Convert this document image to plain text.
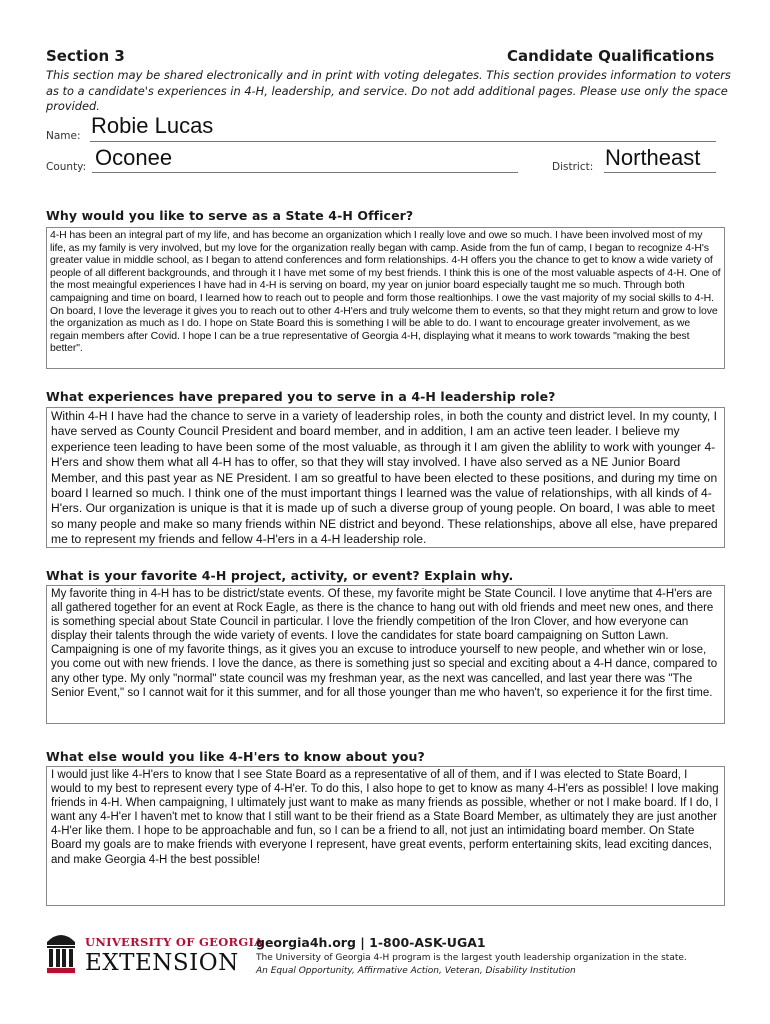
Section 3	Candidate Qualifications
This section may be shared electronically and in print with voting delegates. This section provides information to voters as to a candidate's experiences in 4-H, leadership, and service. Do not add additional pages. Please use only the space provided.
Name: Robie Lucas
County: Oconee	District: Northeast
Why would you like to serve as a State 4-H Officer?
4-H has been an integral part of my life, and has become an organization which I really love and owe so much. I have been involved most of my life, as my family is very involved, but my love for the organization really began with camp. Aside from the fun of camp, I began to recognize 4-H's greater value in middle school, as I began to attend conferences and form relationships. 4-H offers you the chance to get to know a wide variety of people of all different backgrounds, and through it I have met some of my best friends. I think this is one of the most valuable aspects of 4-H. One of the most meaingful experiences I have had in 4-H is serving on board, my year on junior board especially taught me so much. Through both campaigning and time on board, I learned how to reach out to people and form those realtionhips. I owe the vast majority of my social skills to 4-H. On board, I love the leverage it gives you to reach out to other 4-H'ers and truly welcome them to events, so that they might return and grow to love the organization as much as I do. I hope on State Board this is something I will be able to do. I want to encourage greater involvement, as we regain members after Covid. I hope I can be a true representative of Georgia 4-H, displaying what it means to work towards "making the best better".
What experiences have prepared you to serve in a 4-H leadership role?
Within 4-H I have had the chance to serve in a variety of leadership roles, in both the county and district level. In my county, I have served as County Council President and board member, and in addition, I am an active teen leader. I believe my experience teen leading to have been some of the most valuable, as through it I am given the ablility to work with younger 4-H'ers and show them what all 4-H has to offer, so that they will stay involved. I have also served as a NE Junior Board Member, and this past year as NE President. I am so greatful to have been elected to these positions, and during my time on board I learned so much. I think one of the must important things I learned was the value of relationships, with all kinds of 4-H'ers. Our organization is unique is that it is made up of such a diverse group of young people. On board, I was able to meet so many people and make so many friends within NE district and beyond. These relationships, above all else, have prepared me to represent my friends and fellow 4-H'ers in a 4-H leadership role.
What is your favorite 4-H project, activity, or event? Explain why.
My favorite thing in 4-H has to be district/state events. Of these, my favorite might be State Council. I love anytime that 4-H'ers are all gathered together for an event at Rock Eagle, as there is the chance to hang out with old friends and meet new ones, and there is something special about State Council in particular. I love the friendly competition of the Iron Clover, and how everyone can display their talents through the wide variety of events. I love the candidates for state board campaigning on Sutton Lawn. Campaigning is one of my favorite things, as it gives you an excuse to introduce yourself to new people, and whether win or lose, you come out with new friends. I love the dance, as there is something just so special and exciting about a 4-H dance, compared to any other type. My only "normal" state council was my freshman year, as the next was cancelled, and last year there was "The Senior Event," so I cannot wait for it this summer, and for all those younger than me who haven't, so experience it for the first time.
What else would you like 4-H'ers to know about you?
I would just like 4-H'ers to know that I see State Board as a representative of all of them, and if I was elected to State Board, I would to my best to represent every type of 4-H'er. To do this, I also hope to get to know as many 4-H'ers as possible! I love making friends in 4-H. When campaigning, I ultimately just want to make as many friends as possible, whether or not I make board. If I do, I want any 4-H'er I haven't met to know that I still want to be their friend as a State Board Member, as ultimately they are just another 4-H'er like them. I hope to be approachable and fun, so I can be a friend to all, not just an intimidating board member. On State Board my goals are to make friends with everyone I represent, have great events, perform entertaining skits, lead exciting dances, and make Georgia 4-H the best possible!
UNIVERSITY OF GEORGIA
EXTENSION
georgia4h.org | 1-800-ASK-UGA1
The University of Georgia 4-H program is the largest youth leadership organization in the state.
An Equal Opportunity, Affirmative Action, Veteran, Disability Institution
